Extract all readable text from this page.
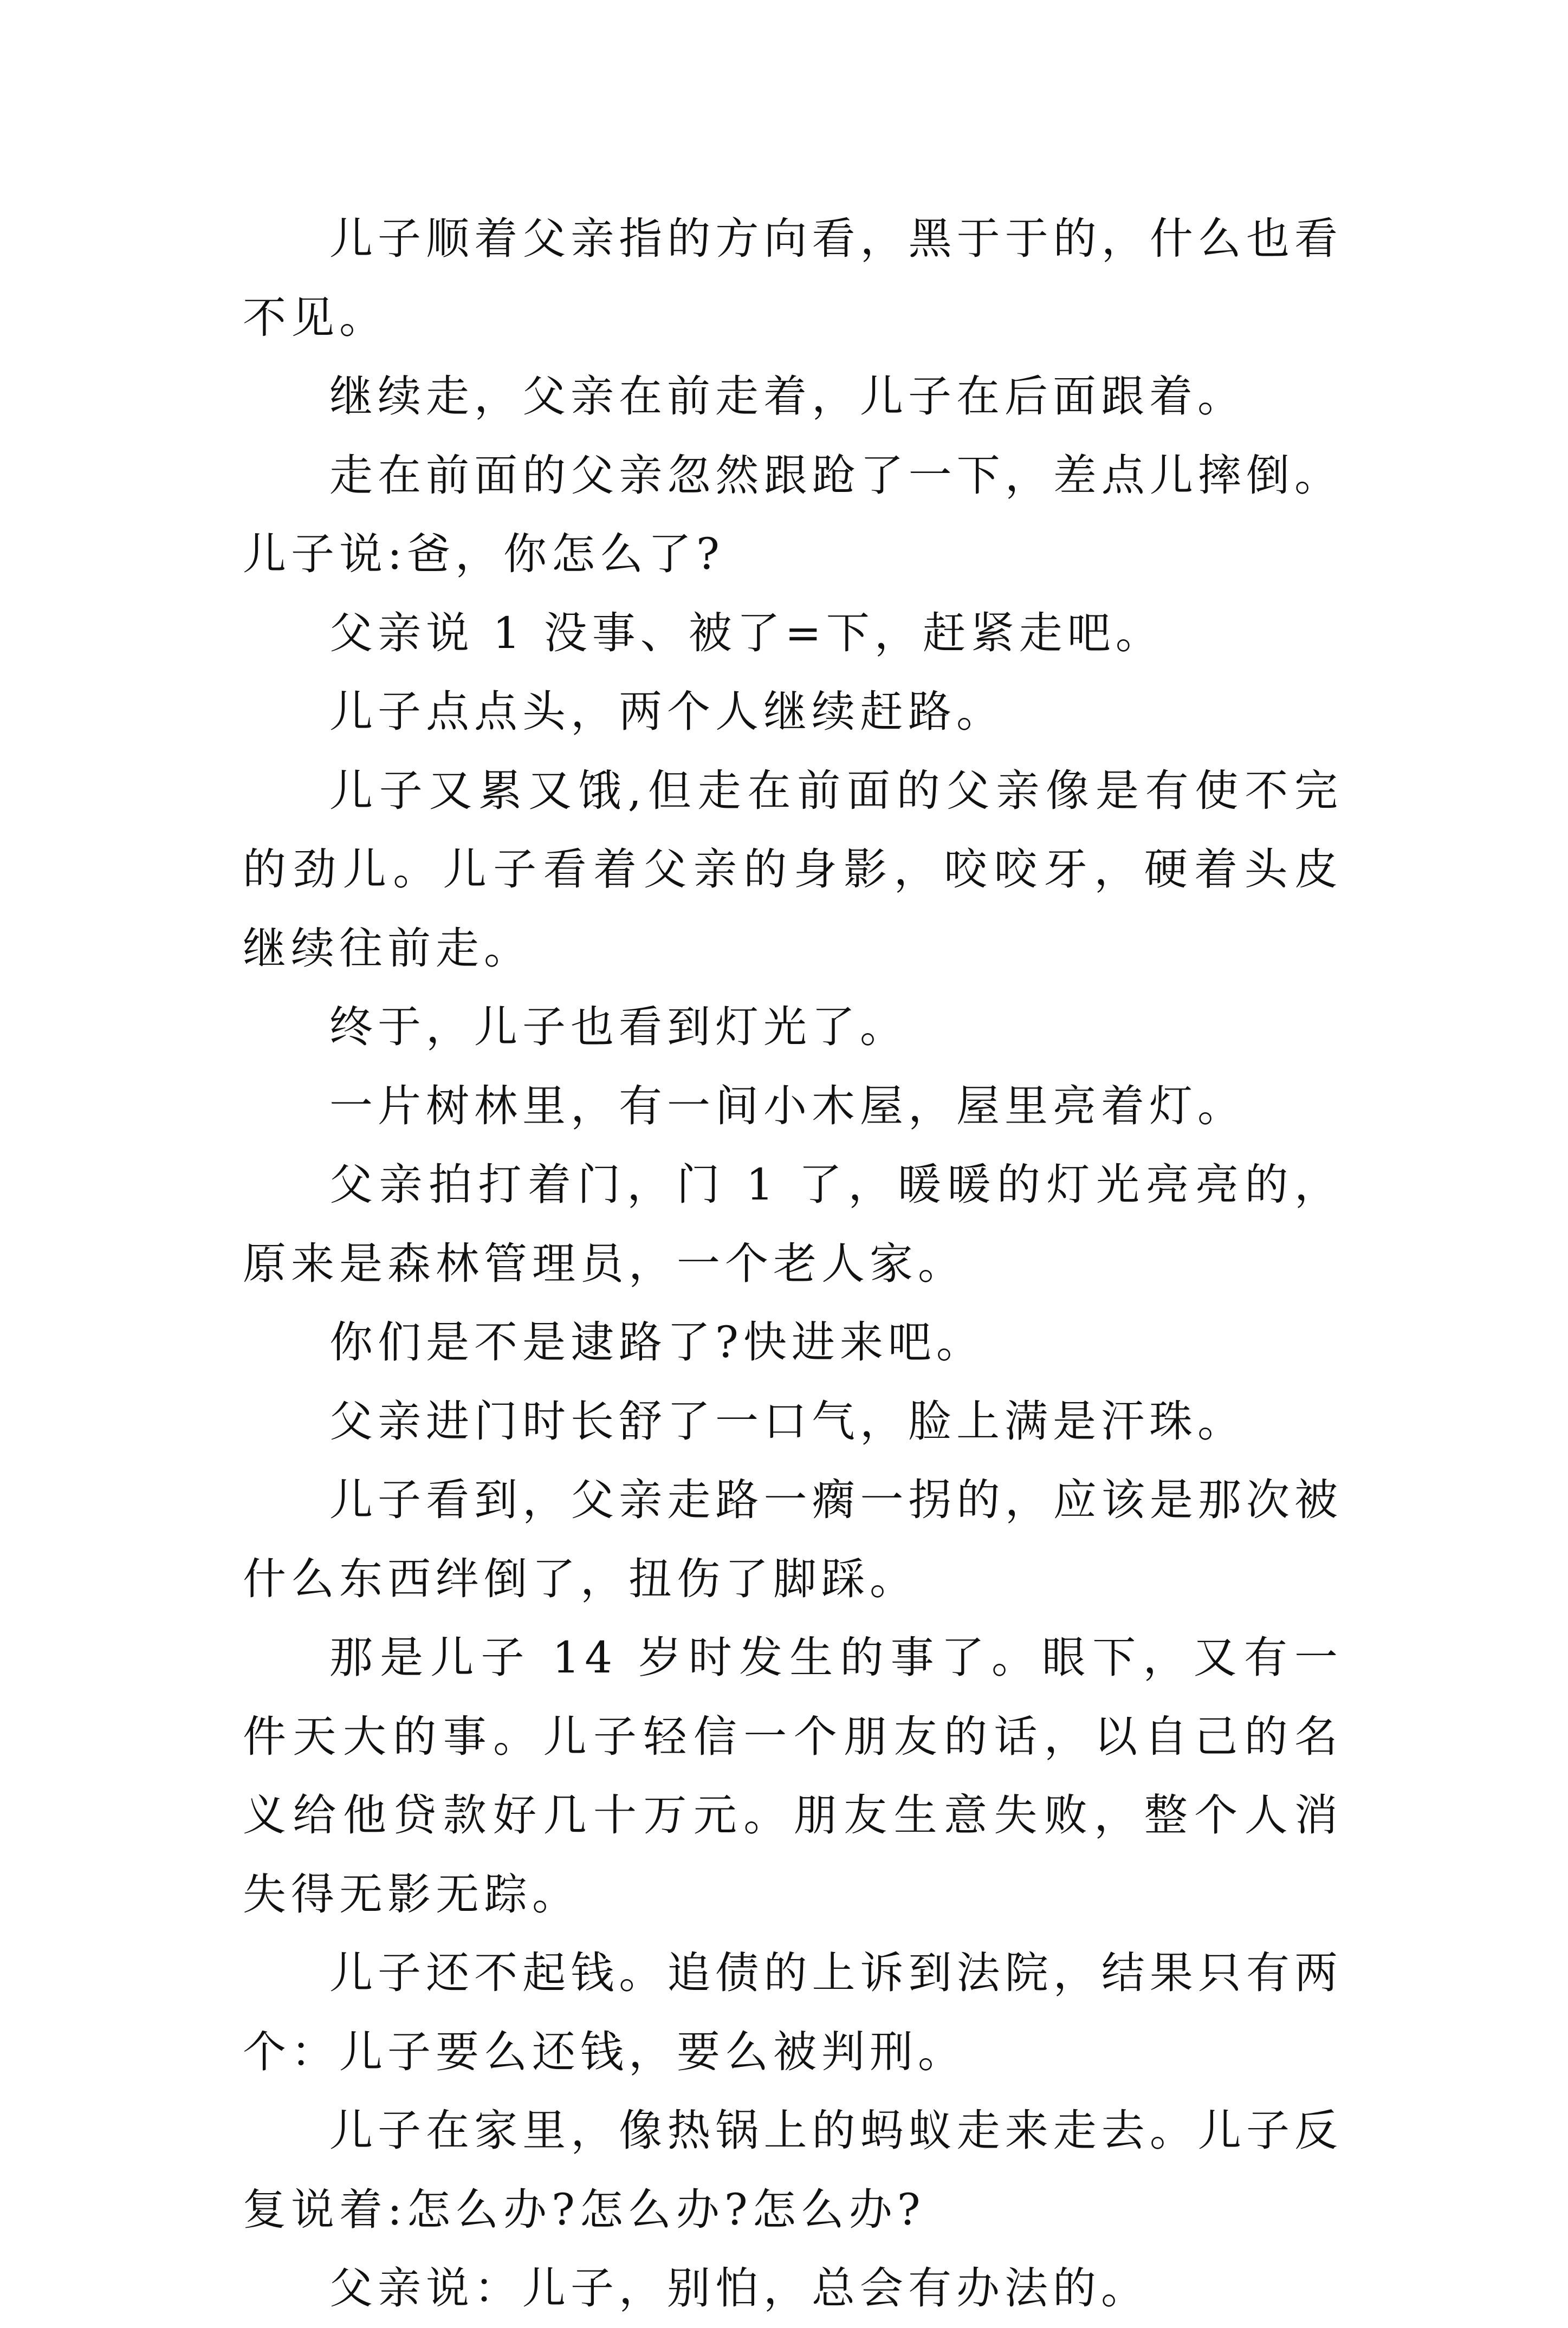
儿子顺着父亲指的方向看，黑于于的，什么也看不见。

继续走，父亲在前走着，儿子在后面跟着。

走在前面的父亲忽然跟跄了一下，差点儿摔倒。儿子说:爸，你怎么了?

父亲说 1 没事、被了=下，赶紧走吧。

儿子点点头，两个人继续赶路。

儿子又累又饿,但走在前面的父亲像是有使不完的劲儿。儿子看着父亲的身影，咬咬牙，硬着头皮继续往前走。

终于，儿子也看到灯光了。

一片树林里，有一间小木屋，屋里亮着灯。

父亲拍打着门，门 1 了，暖暖的灯光亮亮的，原来是森林管理员，一个老人家。

你们是不是逮路了?快进来吧。

父亲进门时长舒了一口气，脸上满是汗珠。

儿子看到，父亲走路一瘸一拐的，应该是那次被什么东西绊倒了，扭伤了脚踩。

那是儿子 14 岁时发生的事了。眼下，又有一件天大的事。儿子轻信一个朋友的话，以自己的名义给他贷款好几十万元。朋友生意失败，整个人消失得无影无踪。

儿子还不起钱。追债的上诉到法院，结果只有两个：儿子要么还钱，要么被判刑。

儿子在家里，像热锅上的蚂蚁走来走去。儿子反复说着:怎么办?怎么办?怎么办?

父亲说：儿子，别怕，总会有办法的。
